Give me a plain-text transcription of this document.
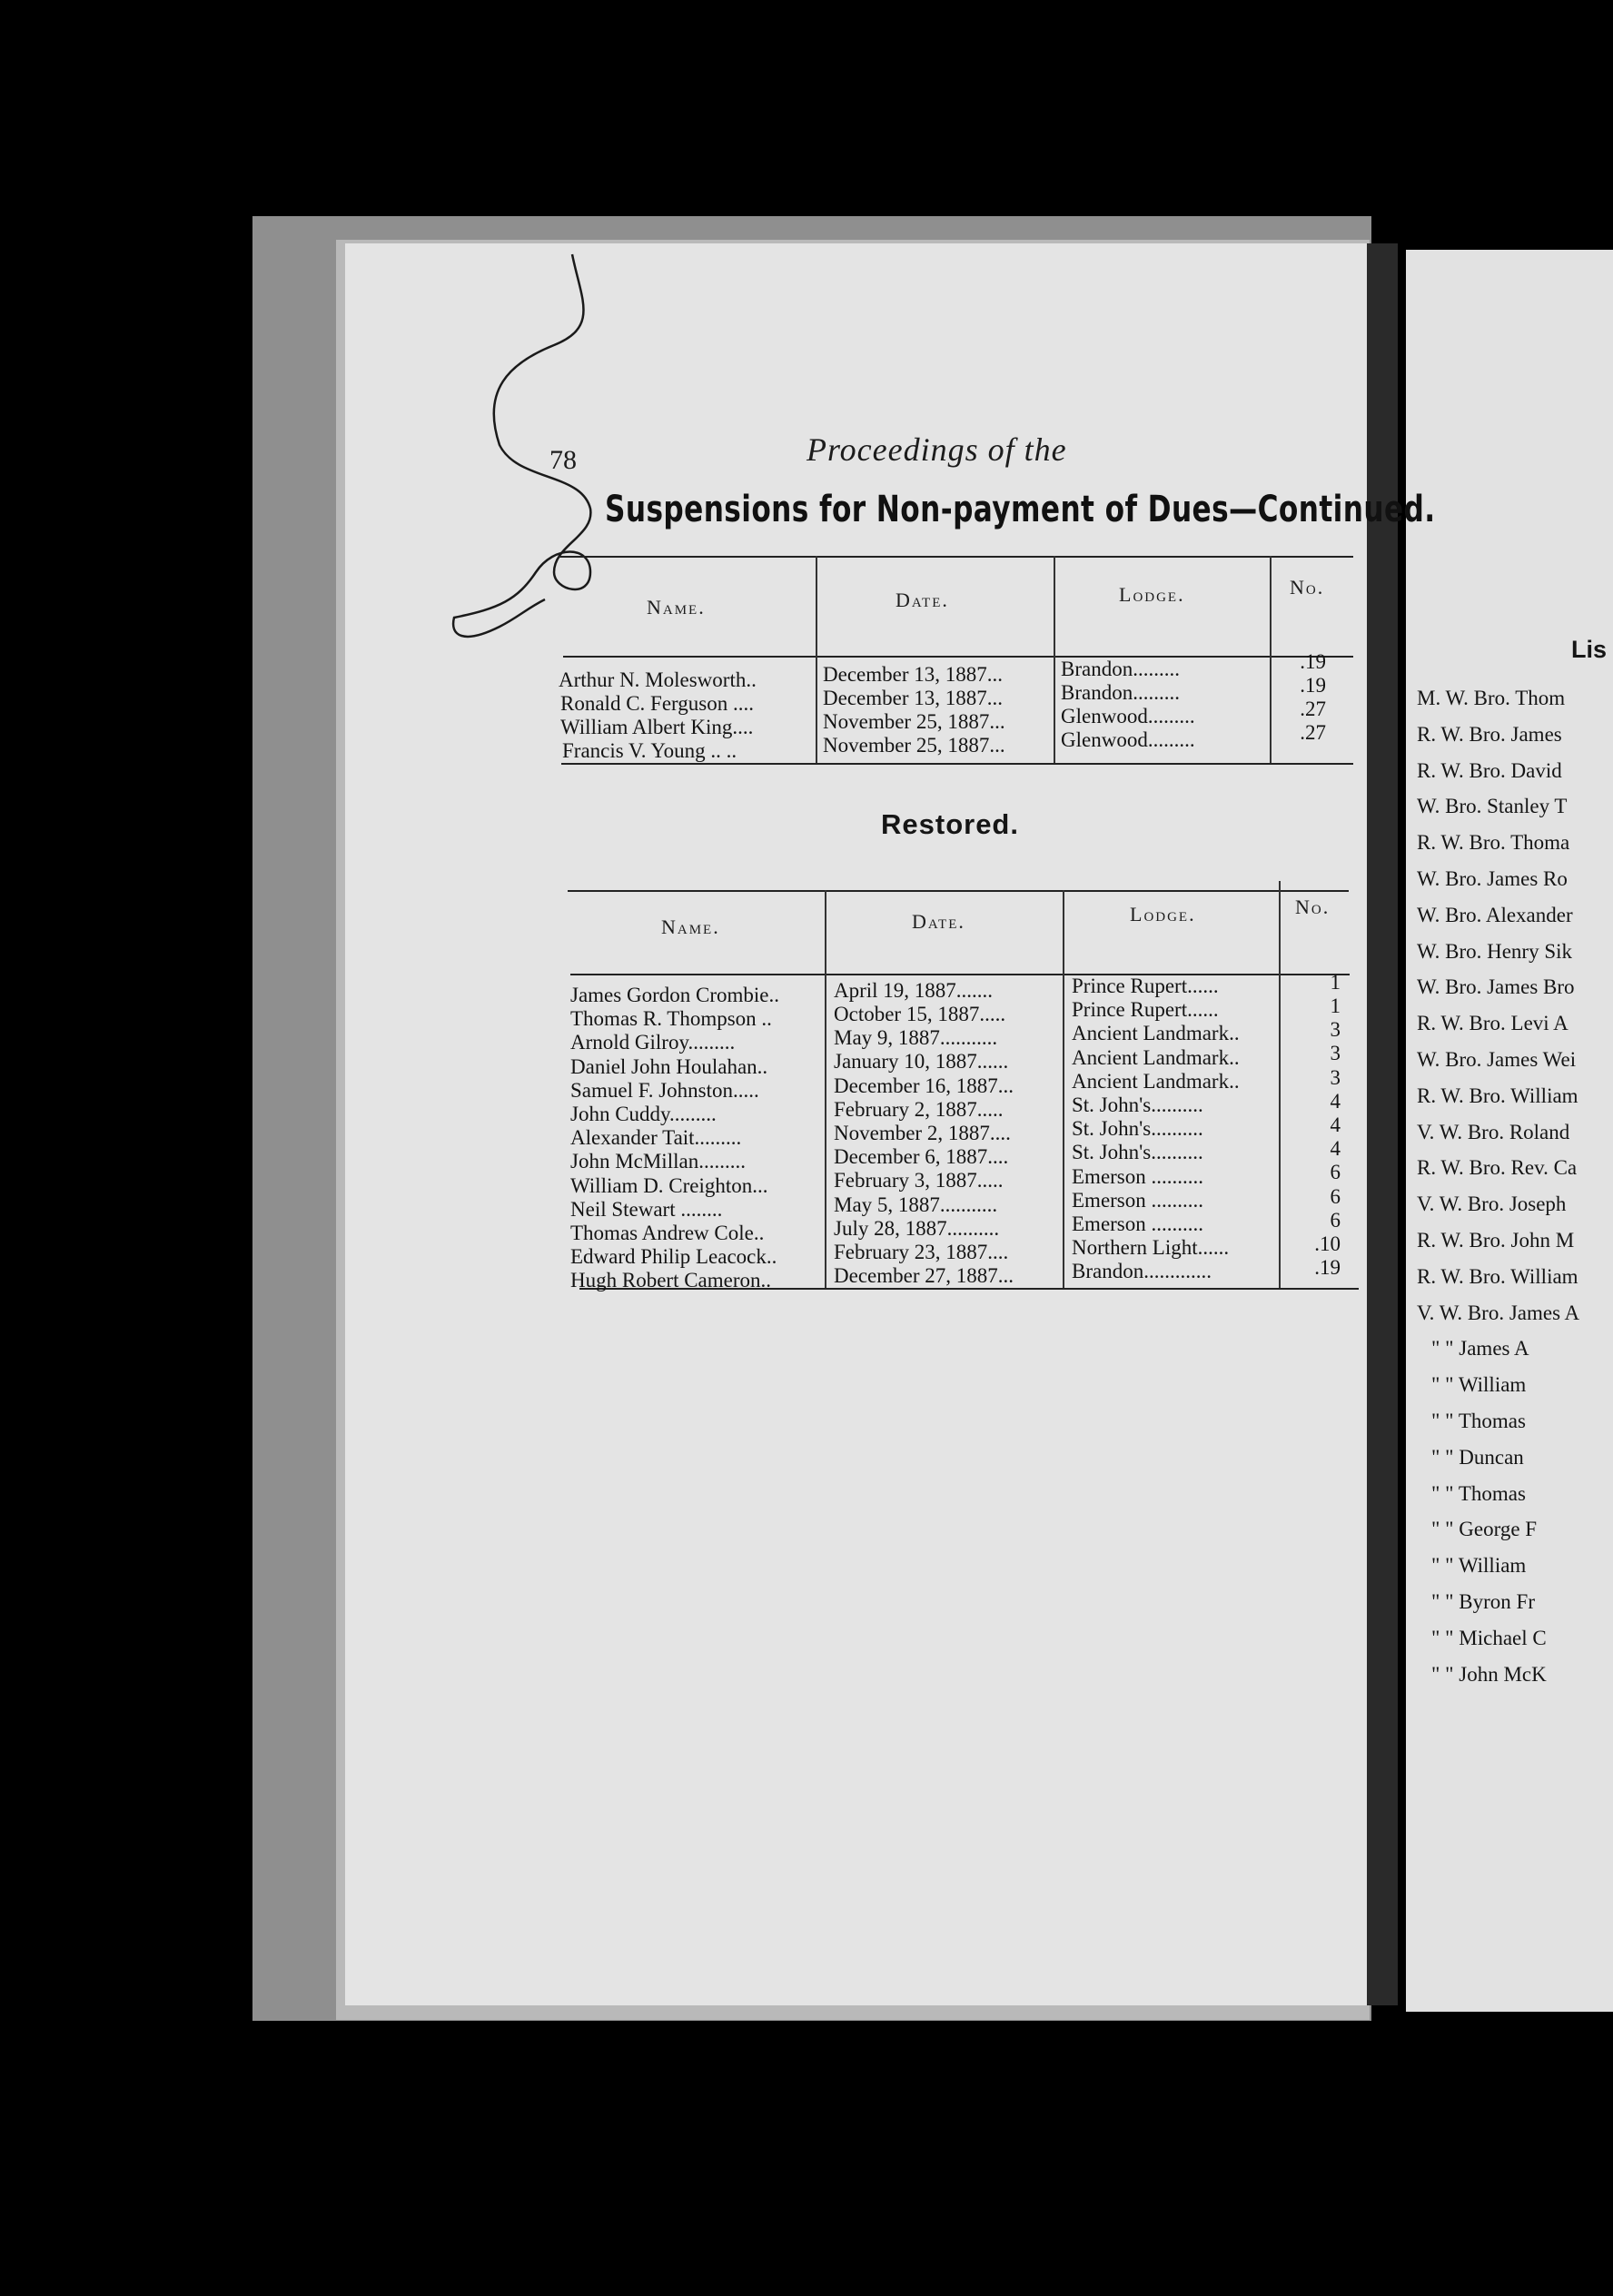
78	Proceedings of the
Suspensions for Non-payment of Dues—Continued.
Name.	Date.	Lodge.	No.
Arthur N. Molesworth..	December 13, 1887...	Brandon.........	.19
Ronald C. Ferguson ....	December 13, 1887...	Brandon.........	.19
William Albert King....	November 25, 1887...	Glenwood.........	.27
Francis V. Young .. ..	November 25, 1887...	Glenwood.........	.27
Restored.
Name.	Date.	Lodge.	No.
James Gordon Crombie..	April 19, 1887.......	Prince Rupert......	1
Thomas R. Thompson ..	October 15, 1887.....	Prince Rupert......	1
Arnold Gilroy.........	May 9, 1887...........	Ancient Landmark..	3
Daniel John Houlahan..	January 10, 1887......	Ancient Landmark..	3
Samuel F. Johnston.....	December 16, 1887...	Ancient Landmark..	3
John Cuddy.........	February 2, 1887.....	St. John's..........	4
Alexander Tait.........	November 2, 1887....	St. John's..........	4
John McMillan.........	December 6, 1887....	St. John's..........	4
William D. Creighton...	February 3, 1887.....	Emerson ..........	6
Neil Stewart ........	May 5, 1887...........	Emerson ..........	6
Thomas Andrew Cole..	July 28, 1887..........	Emerson ..........	6
Edward Philip Leacock..	February 23, 1887....	Northern Light......	.10
Hugh Robert Cameron..	December 27, 1887...	Brandon.............	.19
Lis
M. W. Bro. Thom
R. W. Bro. James
R. W. Bro. David
W. Bro. Stanley T
R. W. Bro. Thoma
W. Bro. James Ro
W. Bro. Alexander
W. Bro. Henry Sik
W. Bro. James Bro
R. W. Bro. Levi A
W. Bro. James Wei
R. W. Bro. William
V. W. Bro. Roland
R. W. Bro. Rev. Ca
V. W. Bro. Joseph
R. W. Bro. John M
R. W. Bro. William
V. W. Bro. James A
" " James A
" " William
" " Thomas
" " Duncan
" " Thomas
" " George F
" " William
" " Byron Fr
" " Michael C
" " John McK
